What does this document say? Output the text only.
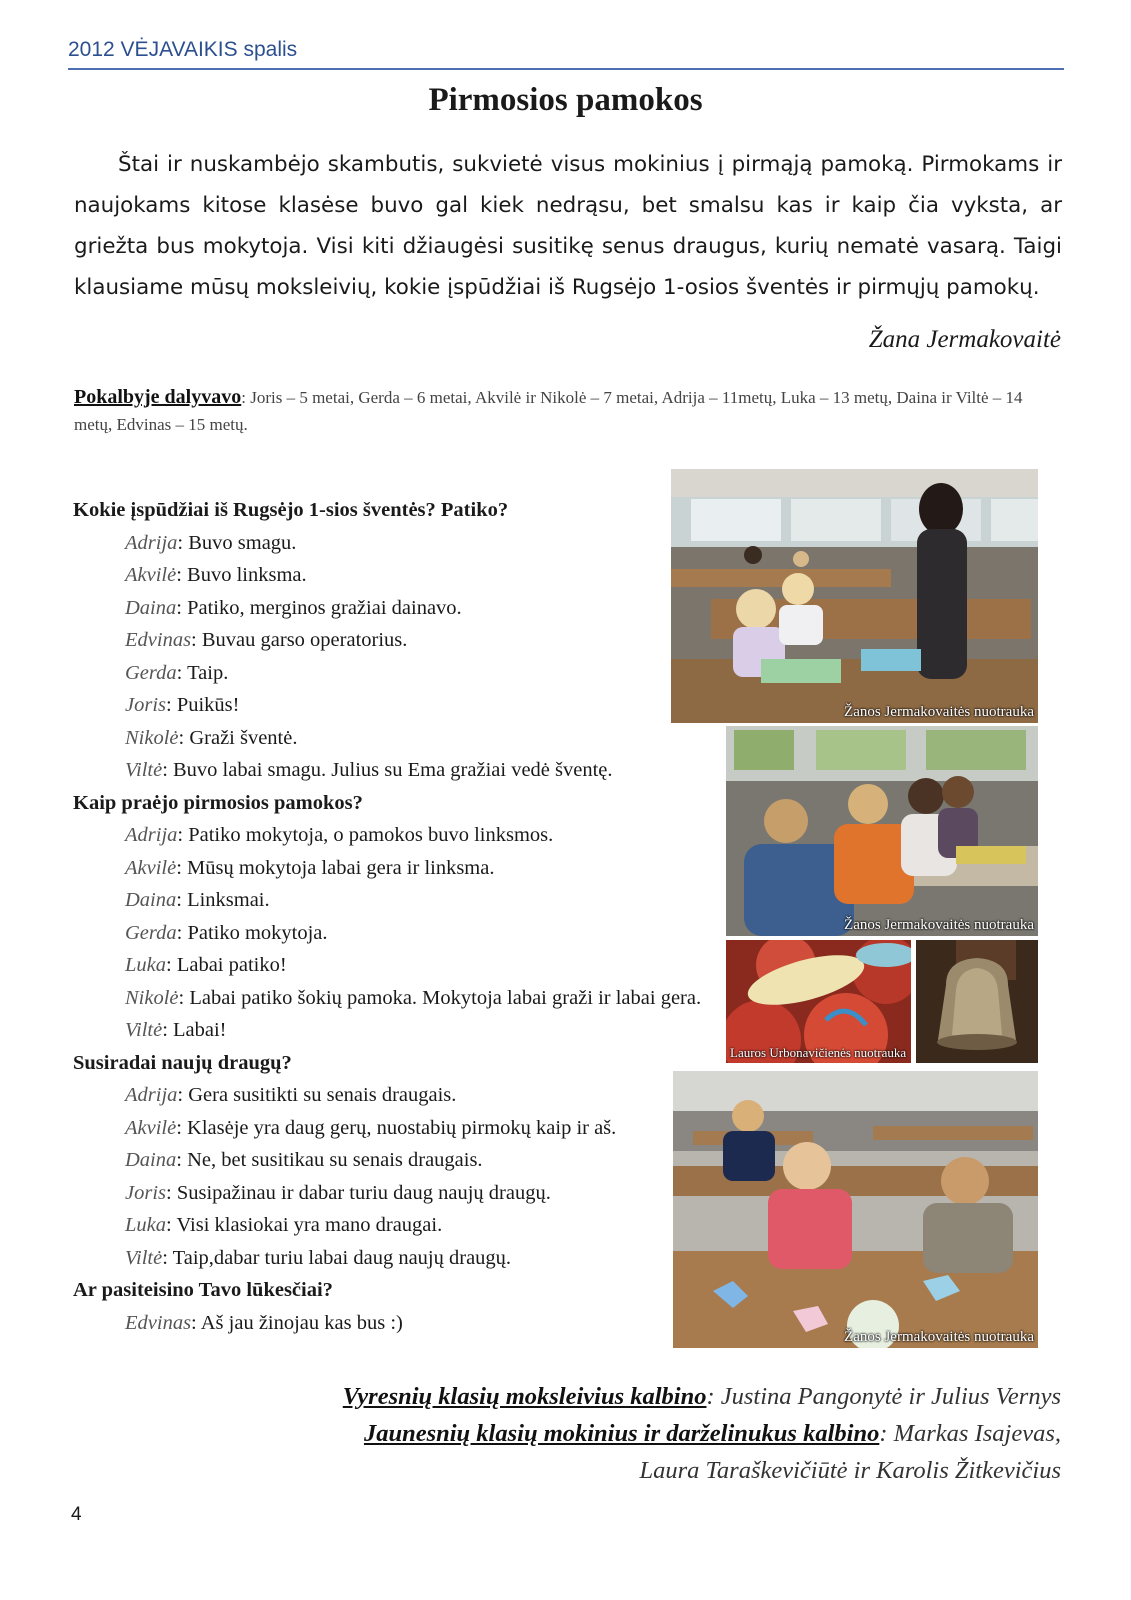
2012 VĖJAVAIKIS spalis
Pirmosios pamokos

Štai ir nuskambėjo skambutis, sukvietė visus mokinius į pirmąją pamoką. Pirmokams ir naujokams kitose klasėse buvo gal kiek nedrąsu, bet smalsu kas ir kaip čia vyksta, ar griežta bus mokytoja. Visi kiti džiaugėsi susitikę senus draugus, kurių nematė vasarą. Taigi klausiame mūsų moksleivių, kokie įspūdžiai iš Rugsėjo 1-osios šventės ir pirmųjų pamokų.

Žana Jermakovaitė

Pokalbyje dalyvavo: Joris – 5 metai, Gerda – 6 metai, Akvilė ir Nikolė – 7 metai, Adrija – 11metų, Luka – 13 metų, Daina ir Viltė – 14 metų, Edvinas – 15 metų.

Kokie įspūdžiai iš Rugsėjo 1-sios šventės? Patiko?
Adrija: Buvo smagu.
Akvilė: Buvo linksma.
Daina: Patiko, merginos gražiai dainavo.
Edvinas: Buvau garso operatorius.
Gerda: Taip.
Joris: Puikūs!
Nikolė: Graži šventė.
Viltė: Buvo labai smagu. Julius su Ema gražiai vedė šventę.
Kaip praėjo pirmosios pamokos?
Adrija: Patiko mokytoja, o pamokos buvo linksmos.
Akvilė: Mūsų mokytoja labai gera ir linksma.
Daina: Linksmai.
Gerda: Patiko mokytoja.
Luka: Labai patiko!
Nikolė: Labai patiko šokių pamoka. Mokytoja labai graži ir labai gera.
Viltė: Labai!
Susiradai naujų draugų?
Adrija: Gera susitikti su senais draugais.
Akvilė: Klasėje yra daug gerų, nuostabių pirmokų kaip ir aš.
Daina: Ne, bet susitikau su senais draugais.
Joris: Susipažinau ir dabar turiu daug naujų draugų.
Luka: Visi klasiokai yra mano draugai.
Viltė: Taip,dabar turiu labai daug naujų draugų.
Ar pasiteisino Tavo lūkesčiai?
Edvinas: Aš jau žinojau kas bus :)
Žanos Jermakovaitės nuotrauka
Žanos Jermakovaitės nuotrauka
Lauros Urbonavičienės nuotrauka
Žanos Jermakovaitės nuotrauka
Vyresnių klasių moksleivius kalbino: Justina Pangonytė ir Julius Vernys
Jaunesnių klasių mokinius ir darželinukus kalbino: Markas Isajevas,
Laura Taraškevičiūtė ir Karolis Žitkevičius
4
